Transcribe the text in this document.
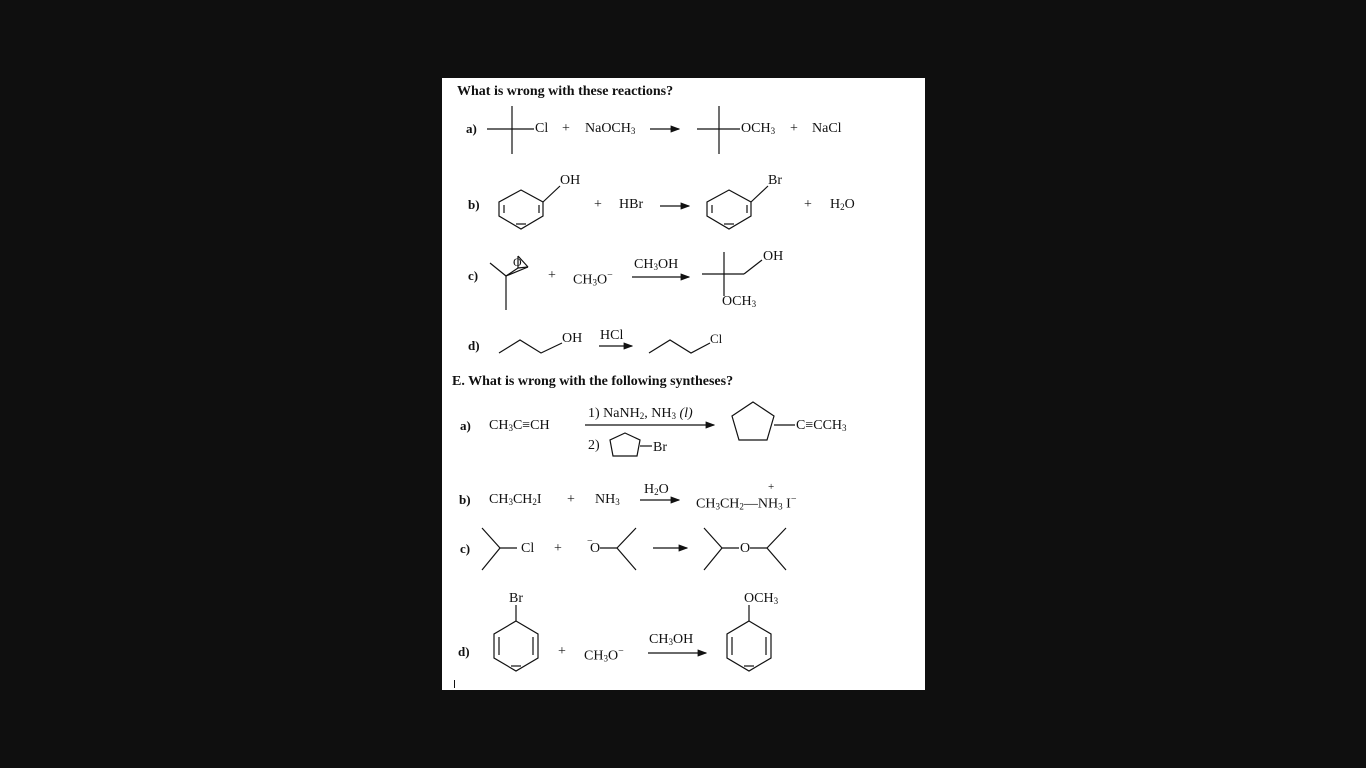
What is wrong with these reactions?
E. What is wrong with the following syntheses?
a)	Cl + NaOCH$_3$	$OCH_3$ + NaCl
b)
OH
+ HBr
Br
+ $H_2O$
c)
O
+ $CH_3O^-$
$CH_3OH$
OH
$OCH_3$
d)	OH HCl	Cl
a) $CH_3C\equiv CH$
1) NaNH$_2$, $NH_3$ (l)
2)	Br
$C\equiv CCH_3$
b) $CH_3CH_2I + NH_3$
$H_2O$	+
$CH_3CH_2—NH_3$ I−
c)	Cl +	−
O	O
d)
Br
+ $CH_3O^-$
$CH_3OH$
$OCH_3$
